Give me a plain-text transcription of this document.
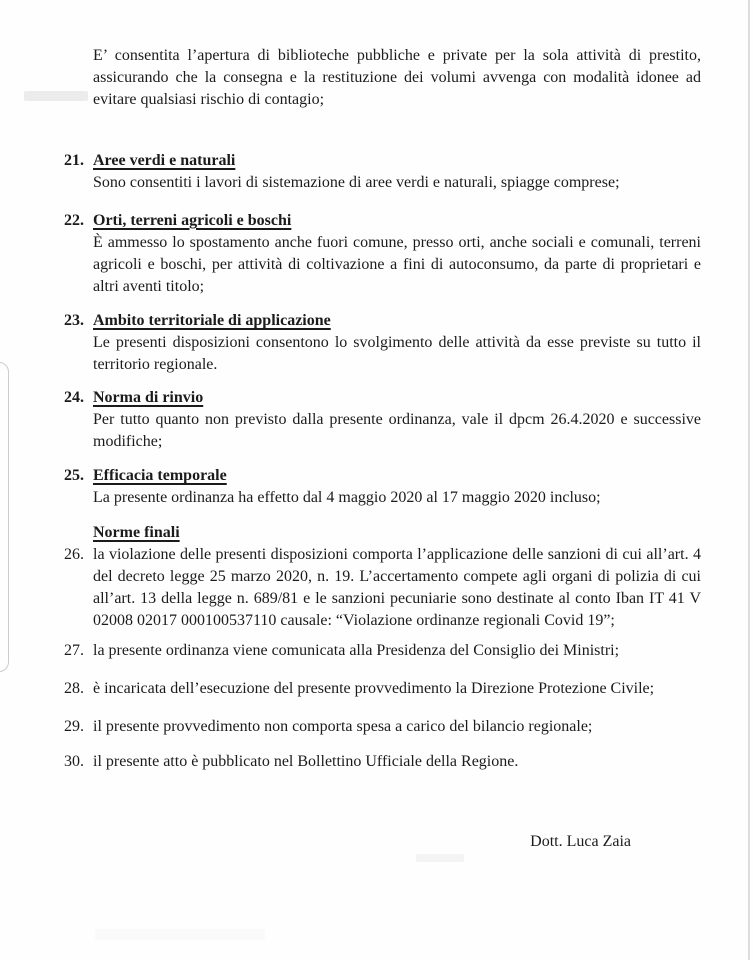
E’ consentita l’apertura di biblioteche pubbliche e private per la sola attività di prestito, assicurando che la consegna e la restituzione dei volumi avvenga con modalità idonee ad evitare qualsiasi rischio di contagio;

21. Aree verdi e naturali
Sono consentiti i lavori di sistemazione di aree verdi e naturali, spiagge comprese;
22. Orti, terreni agricoli e boschi
È ammesso lo spostamento anche fuori comune, presso orti, anche sociali e comunali, terreni agricoli e boschi, per attività di coltivazione a fini di autoconsumo, da parte di proprietari e altri aventi titolo;
23. Ambito territoriale di applicazione
Le presenti disposizioni consentono lo svolgimento delle attività da esse previste su tutto il territorio regionale.
24. Norma di rinvio
Per tutto quanto non previsto dalla presente ordinanza, vale il dpcm 26.4.2020 e successive modifiche;
25. Efficacia temporale
La presente ordinanza ha effetto dal 4 maggio 2020 al 17 maggio 2020 incluso;
Norme finali
26. la violazione delle presenti disposizioni comporta l’applicazione delle sanzioni di cui all’art. 4 del decreto legge 25 marzo 2020, n. 19. L’accertamento compete agli organi di polizia di cui all’art. 13 della legge n. 689/81 e le sanzioni pecuniarie sono destinate al conto Iban IT 41 V 02008 02017 000100537110 causale: “Violazione ordinanze regionali Covid 19”;
27. la presente ordinanza viene comunicata alla Presidenza del Consiglio dei Ministri;
28. è incaricata dell’esecuzione del presente provvedimento la Direzione Protezione Civile;
29. il presente provvedimento non comporta spesa a carico del bilancio regionale;
30. il presente atto è pubblicato nel Bollettino Ufficiale della Regione.
Dott. Luca Zaia
